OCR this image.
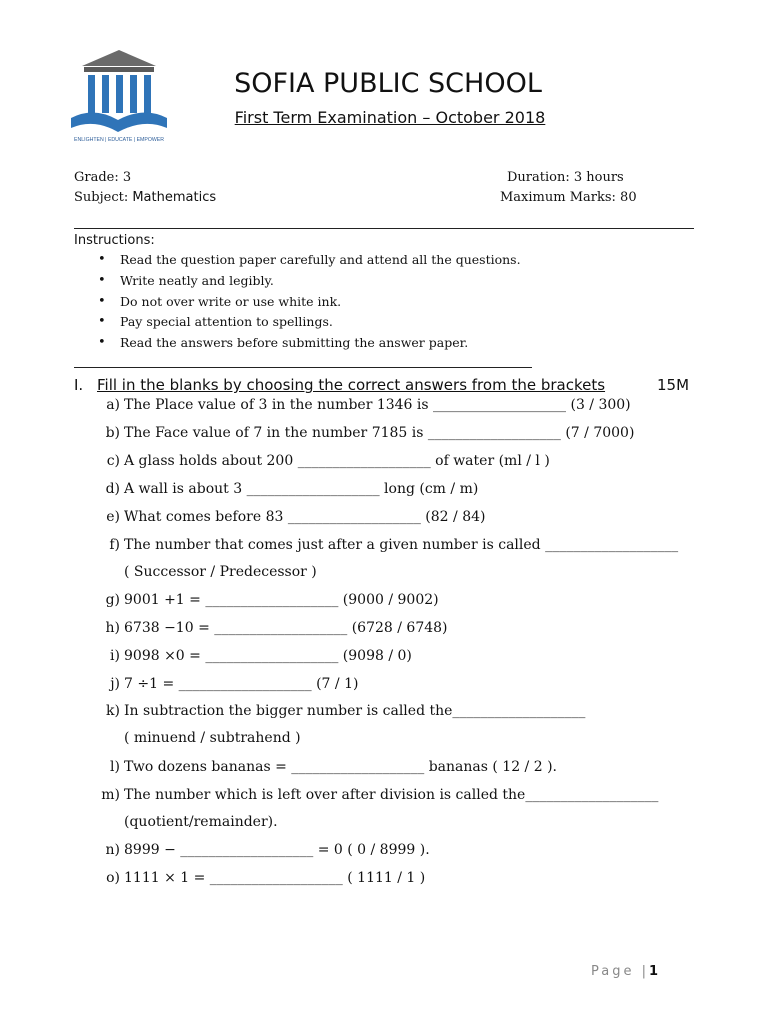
ENLIGHTEN | EDUCATE | EMPOWER
SOFIA PUBLIC SCHOOL
First Term Examination – October 2018
Grade: 3
Subject: Mathematics
Duration: 3 hours
Maximum Marks: 80
Instructions:
• Read the question paper carefully and attend all the questions.
• Write neatly and legibly.
• Do not over write or use white ink.
• Pay special attention to spellings.
• Read the answers before submitting the answer paper.
I. Fill in the blanks by choosing the correct answers from the brackets	15M
a) The Place value of 3 in the number 1346 is ___________________ (3 / 300)
b) The Face value of 7 in the number 7185 is ___________________ (7 / 7000)
c) A glass holds about 200 ___________________ of water (ml / l )
d) A wall is about 3 ___________________ long (cm / m)
e) What comes before 83 ___________________ (82 / 84)
f) The number that comes just after a given number is called ___________________
( Successor / Predecessor )
g) 9001 +1 = ___________________ (9000 / 9002)
h) 6738 −10 = ___________________ (6728 / 6748)
i) 9098 ×0 = ___________________ (9098 / 0)
j) 7 ÷1 = ___________________ (7 / 1)
k) In subtraction the bigger number is called the___________________
( minuend / subtrahend )
l) Two dozens bananas = ___________________ bananas ( 12 / 2 ).
m) The number which is left over after division is called the___________________
(quotient/remainder).
n) 8999 − ___________________ = 0 ( 0 / 8999 ).
o) 1111 × 1 = ___________________ ( 1111 / 1 )
Page |1
